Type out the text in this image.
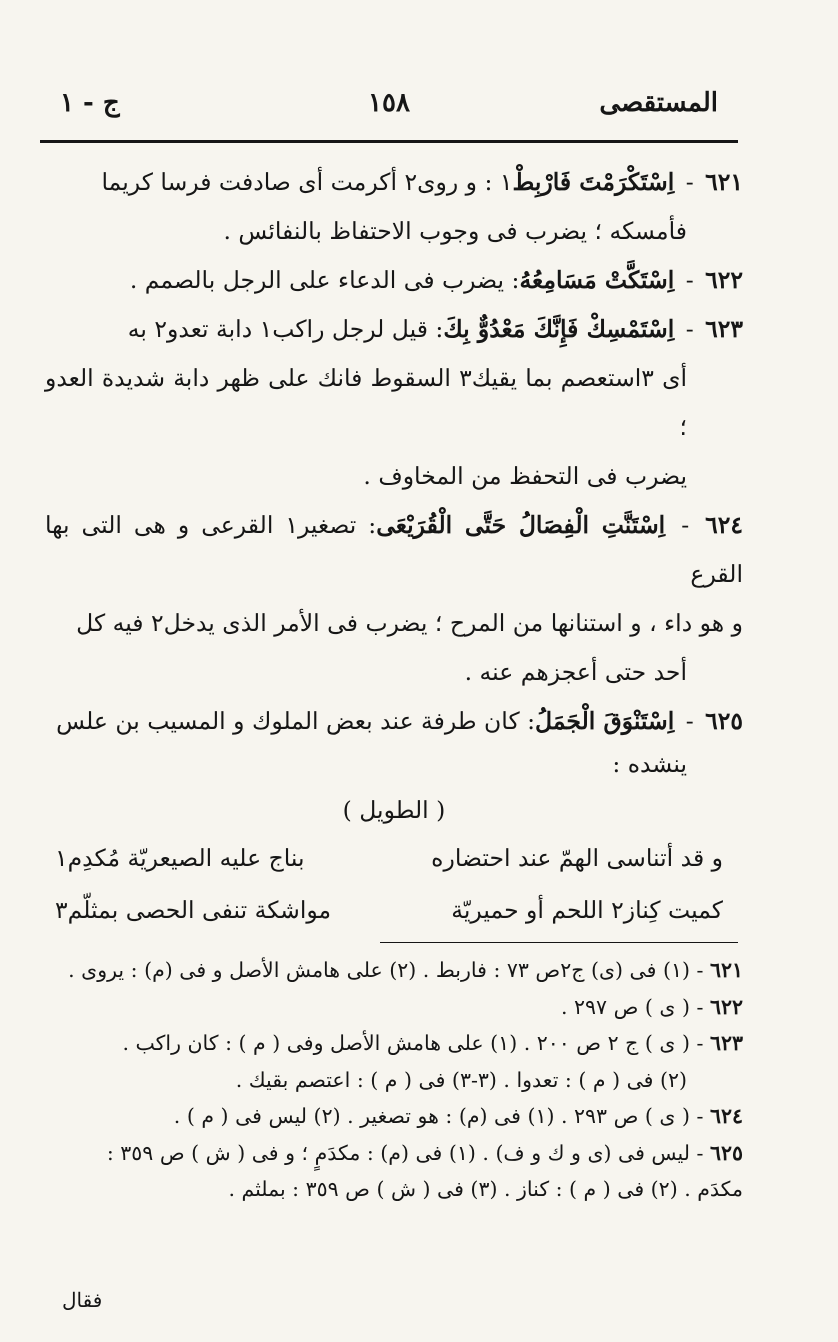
المستقصى
١٥٨
ج - ١

٦٢١ - اِسْتَكْرَمْتَ فَارْبِطْ١ : و روى٢ أكرمت أى صادفت فرسا كريما

فأمسكه ؛ يضرب فى وجوب الاحتفاظ بالنفائس .

٦٢٢ - اِسْتَكَّتْ مَسَامِعُهُ: يضرب فى الدعاء على الرجل بالصمم .

٦٢٣ - اِسْتَمْسِكْ فَإِنَّكَ مَعْدُوٌّ بِكَ: قيل لرجل راكب١ دابة تعدو٢ به

أى ٣استعصم بما يقيك٣ السقوط فانك على ظهر دابة شديدة العدو ؛

يضرب فى التحفظ من المخاوف .

٦٢٤ - اِسْتَنَّتِ الْفِصَالُ حَتَّى الْقُرَيْعَى: تصغير١ القرعى و هى التى بها القرع

و هو داء ، و استنانها من المرح ؛ يضرب فى الأمر الذى يدخل٢ فيه كل

أحد حتى أعجزهم عنه .

٦٢٥ - اِسْتَنْوَقَ الْجَمَلُ: كان طرفة عند بعض الملوك و المسيب بن علس

ينشده :

( الطويل )

و قد أتناسى الهمّ عند احتضاره
بناج عليه الصيعريّة مُكدِم١
كميت كِناز٢ اللحم أو حميريّة
مواشكة تنفى الحصى بمثلّم٣

٦٢١ - (١) فى (ى) ج٢ص ٧٣ : فاربط . (٢) على هامش الأصل و فى (م) : يروى .

٦٢٢ - ( ى ) ص ٢٩٧ .

٦٢٣ - ( ى ) ج ٢ ص ٢٠٠ . (١) على هامش الأصل وفى ( م ) : كان راكب .

(٢) فى ( م ) : تعدوا . (٣-٣) فى ( م ) : اعتصم بقيك .

٦٢٤ - ( ى ) ص ٢٩٣ . (١) فى (م) : هو تصغير . (٢) ليس فى ( م ) .

٦٢٥ - ليس فى (ى و ك و ف) . (١) فى (م) : مكدَمٍ ؛ و فى ( ش ) ص ٣٥٩ :

مكدَم . (٢) فى ( م ) : كناز . (٣) فى ( ش ) ص ٣٥٩ : بملثم .

فقال
